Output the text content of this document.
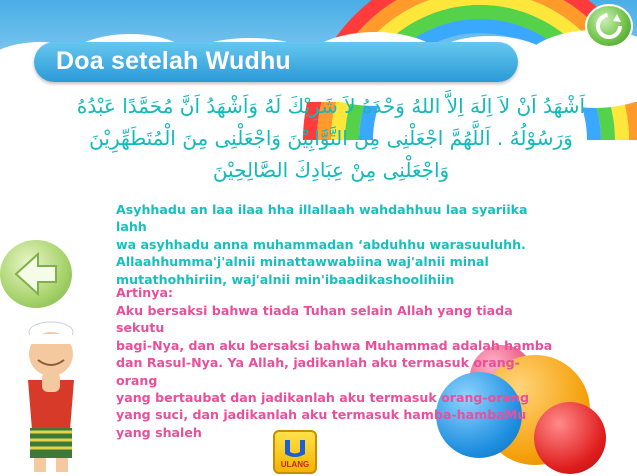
Doa setelah Wudhu
اَشْهَدُ اَنْ لاَ اِلَهَ اِلاَّ اللهُ وَحْدَهُ لاَ شَرِيْكَ لَهُ وَاَشْهَدُ اَنَّ مُحَمَّدًا عَبْدُهُ
وَرَسُوْلُهُ . اَللَّهُمَّ اجْعَلْنِى مِنَ التَّوَّابِيْنَ وَاجْعَلْنِى مِنَ الْمُتَطَهِّرِيْنَ
وَاجْعَلْنِى مِنْ عِبَادِكَ الصَّالِحِيْنَ
Asyhhadu an laa ilaa hha illallaah wahdahhuu laa syariika lahh
wa asyhhadu anna muhammadan ‘abduhhu warasuuluhh.
Allaahhumma'j'alnii minattawwabiina waj'alnii minal
mutathohhiriin, waj'alnii min'ibaadikashoolihiin
Artinya:
Aku bersaksi bahwa tiada Tuhan selain Allah yang tiada sekutu
bagi-Nya, dan aku bersaksi bahwa Muhammad adalah hamba
dan Rasul-Nya. Ya Allah, jadikanlah aku termasuk orang-orang
yang bertaubat dan jadikanlah aku termasuk orang-orang
yang suci, dan jadikanlah aku termasuk hamba-hambaMu
yang shaleh
ULANG
